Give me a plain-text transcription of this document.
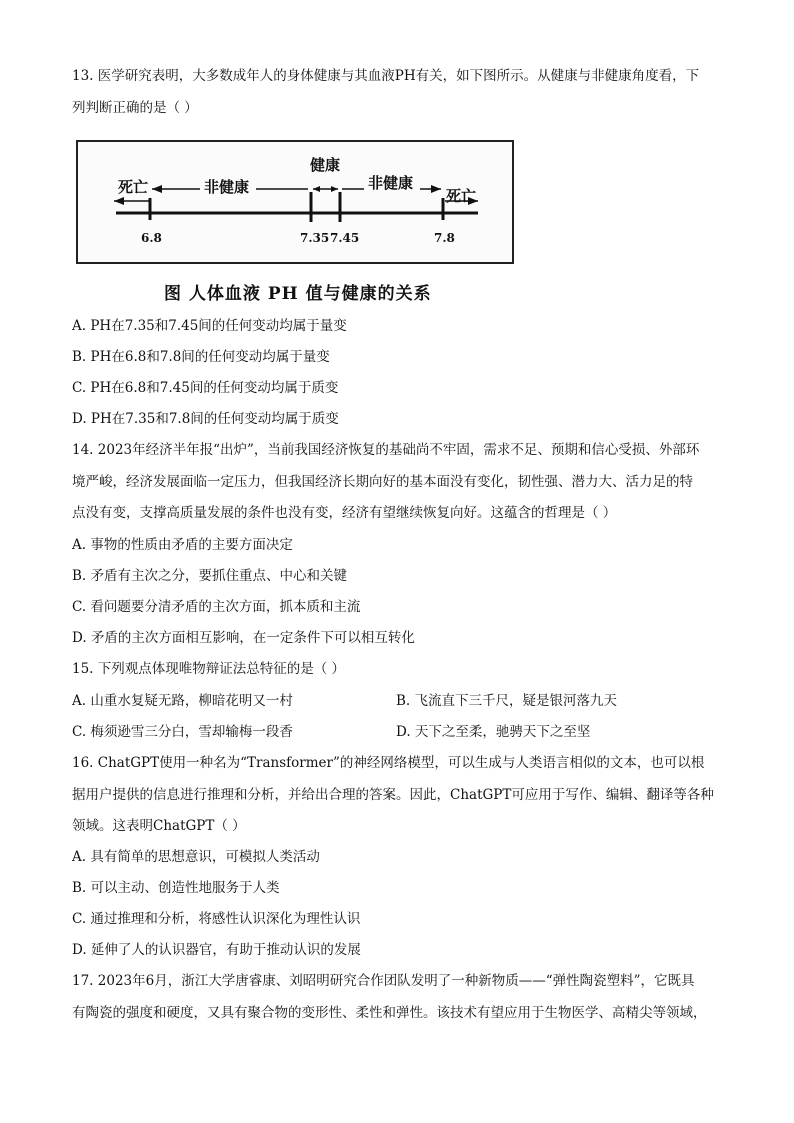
13. 医学研究表明，大多数成年人的身体健康与其血液PH有关，如下图所示。从健康与非健康角度看，下
列判断正确的是（ ）
死亡	非健康
健康
非健康
死亡
6.8	7.35 7.45	7.8
图 人体血液 PH 值与健康的关系
A. PH在7.35和7.45间的任何变动均属于量变
B. PH在6.8和7.8间的任何变动均属于量变
C. PH在6.8和7.45间的任何变动均属于质变
D. PH在7.35和7.8间的任何变动均属于质变
14. 2023年经济半年报“出炉”，当前我国经济恢复的基础尚不牢固，需求不足、预期和信心受损、外部环
境严峻，经济发展面临一定压力，但我国经济长期向好的基本面没有变化，韧性强、潜力大、活力足的特
点没有变，支撑高质量发展的条件也没有变，经济有望继续恢复向好。这蕴含的哲理是（ ）
A. 事物的性质由矛盾的主要方面决定
B. 矛盾有主次之分，要抓住重点、中心和关键
C. 看问题要分清矛盾的主次方面，抓本质和主流
D. 矛盾的主次方面相互影响，在一定条件下可以相互转化
15. 下列观点体现唯物辩证法总特征的是（ ）
A. 山重水复疑无路，柳暗花明又一村	B. 飞流直下三千尺，疑是银河落九天
C. 梅须逊雪三分白，雪却输梅一段香	D. 天下之至柔，驰骋天下之至坚
16. ChatGPT使用一种名为“Transformer”的神经网络模型，可以生成与人类语言相似的文本，也可以根
据用户提供的信息进行推理和分析，并给出合理的答案。因此，ChatGPT可应用于写作、编辑、翻译等各种
领域。这表明ChatGPT（ ）
A. 具有简单的思想意识，可模拟人类活动
B. 可以主动、创造性地服务于人类
C. 通过推理和分析，将感性认识深化为理性认识
D. 延伸了人的认识器官，有助于推动认识的发展
17. 2023年6月，浙江大学唐睿康、刘昭明研究合作团队发明了一种新物质——“弹性陶瓷塑料”，它既具
有陶瓷的强度和硬度，又具有聚合物的变形性、柔性和弹性。该技术有望应用于生物医学、高精尖等领域，
